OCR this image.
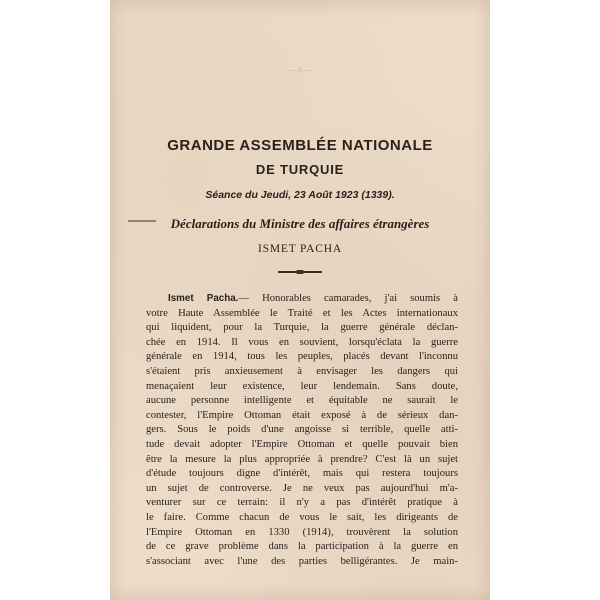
— 5 —
GRANDE ASSEMBLÉE NATIONALE
DE TURQUIE
Séance du Jeudi, 23 Août 1923 (1339).
Déclarations du Ministre des affaires étrangères
ISMET PACHA
Ismet Pacha.— Honorables camarades, j'ai soumis à
votre Haute Assemblée le Traité et les Actes internationaux
qui liquident, pour la Turquie, la guerre générale déclan-
chée en 1914. Il vous en souvient, lorsqu'éclata la guerre
générale en 1914, tous les peuples, placés devant l'inconnu
s'étaient pris anxieusement à envisager les dangers qui
menaçaient leur existence, leur lendemain. Sans doute,
aucune personne intelligente et équitable ne saurait le
contester, l'Empire Ottoman était exposé à de sérieux dan-
gers. Sous le poids d'une angoisse si terrible, quelle atti-
tude devait adopter l'Empire Ottoman et quelle pouvait bien
être la mesure la plus appropriée à prendre? C'est là un sujet
d'étude toujours digne d'intérêt, mais qui restera toujours
un sujet de controverse. Je ne veux pas aujourd'hui m'a-
venturer sur ce terrain: il n'y a pas d'intérêt pratique à
le faire. Comme chacun de vous le sait, les dirigeants de
l'Empire Ottoman en 1330 (1914), trouvèrent la solution
de ce grave problème dans la participation à la guerre en
s'associant avec l'une des parties belligérantes. Je main-
